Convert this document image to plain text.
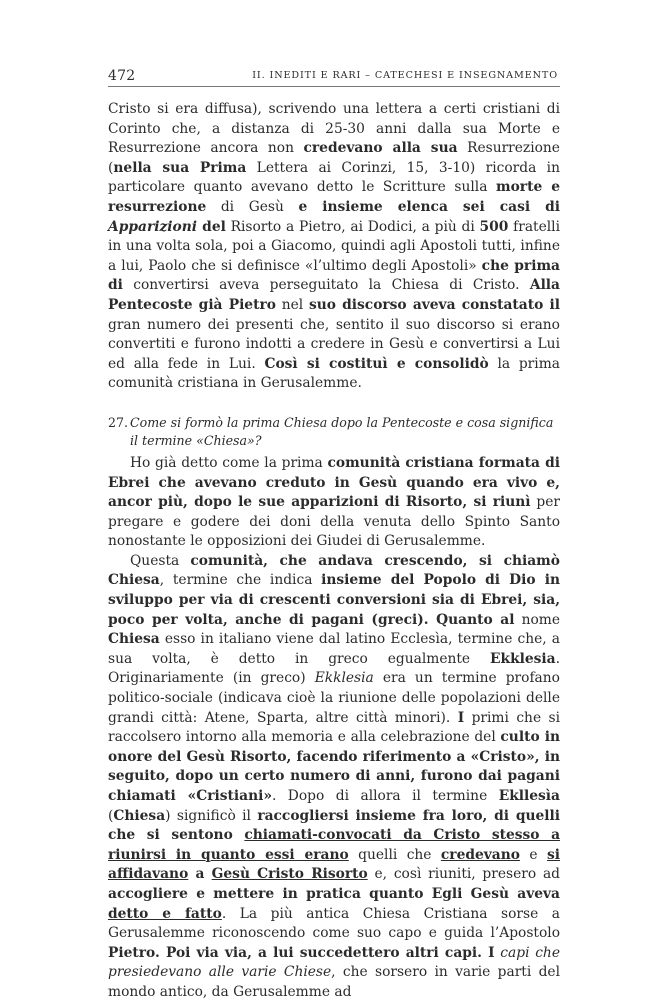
472	II. INEDITI E RARI – CATECHESI E INSEGNAMENTO

Cristo si era diffusa), scrivendo una lettera a certi cristiani di Corinto che, a distanza di 25-30 anni dalla sua Morte e Resurrezione ancora non credevano alla sua Resurrezione (nella sua Prima Lettera ai Corinzi, 15, 3-10) ricorda in particolare quanto avevano detto le Scritture sulla morte e resurrezione di Gesù e insieme elenca sei casi di Apparizioni del Risorto a Pietro, ai Dodici, a più di 500 fratelli in una volta sola, poi a Giacomo, quindi agli Apostoli tutti, infine a lui, Paolo che si definisce «l’ultimo degli Apostoli» che prima di convertirsi aveva perseguitato la Chiesa di Cristo. Alla Pentecoste già Pietro nel suo discorso aveva constatato il gran numero dei presenti che, sentito il suo discorso si erano convertiti e furono indotti a credere in Gesù e convertirsi a Lui ed alla fede in Lui. Così si costituì e consolidò la prima comunità cristiana in Gerusalemme.

27. Come si formò la prima Chiesa dopo la Pentecoste e cosa significa il termine «Chiesa»?

Ho già detto come la prima comunità cristiana formata di Ebrei che avevano creduto in Gesù quando era vivo e, ancor più, dopo le sue apparizioni di Risorto, si riunì per pregare e godere dei doni della venuta dello Spinto Santo nonostante le opposizioni dei Giudei di Gerusalemme.

Questa comunità, che andava crescendo, si chiamò Chiesa, termine che indica insieme del Popolo di Dio in sviluppo per via di crescenti conversioni sia di Ebrei, sia, poco per volta, anche di pagani (greci). Quanto al nome Chiesa esso in italiano viene dal latino Ecclesìa, termine che, a sua volta, è detto in greco egualmente Ekklesia. Originariamente (in greco) Ekklesia era un termine profano politico-sociale (indicava cioè la riunione delle popolazioni delle grandi città: Atene, Sparta, altre città minori). I primi che si raccolsero intorno alla memoria e alla celebrazione del culto in onore del Gesù Risorto, facendo riferimento a «Cristo», in seguito, dopo un certo numero di anni, furono dai pagani chiamati «Cristiani». Dopo di allora il termine Ekllesìa (Chiesa) significò il raccogliersi insieme fra loro, di quelli che si sentono chiamati-convocati da Cristo stesso a riunirsi in quanto essi erano quelli che credevano e si affidavano a Gesù Cristo Risorto e, così riuniti, presero ad accogliere e mettere in pratica quanto Egli Gesù aveva detto e fatto. La più antica Chiesa Cristiana sorse a Gerusalemme riconoscendo come suo capo e guida l’Apostolo Pietro. Poi via via, a lui succedettero altri capi. I capi che presiedevano alle varie Chiese, che sorsero in varie parti del mondo antico, da Gerusalemme ad
